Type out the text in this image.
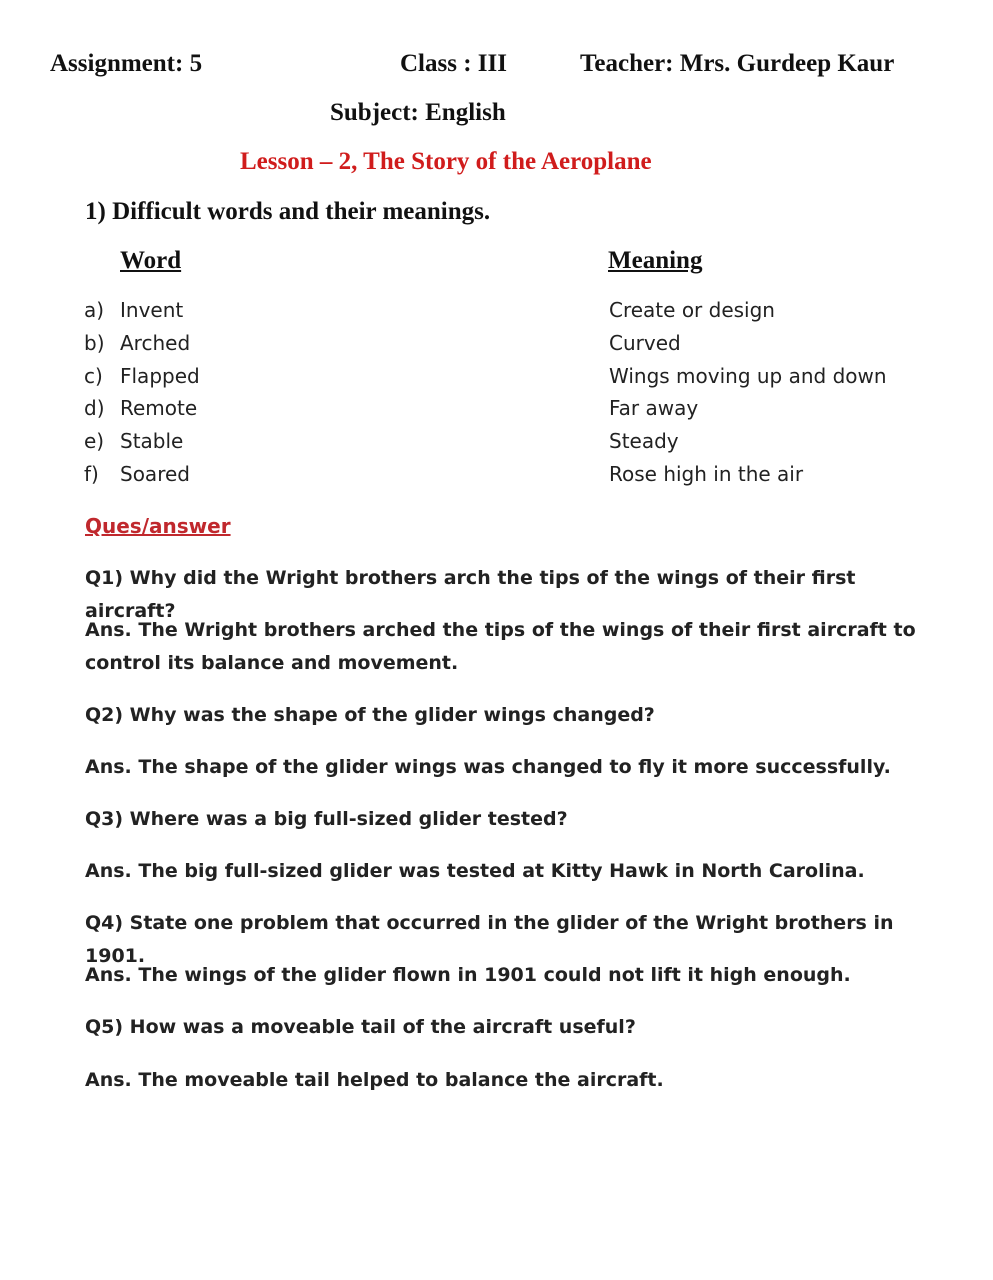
Assignment: 5	Class : III	Teacher: Mrs. Gurdeep Kaur
Subject: English
Lesson – 2, The Story of the Aeroplane
1) Difficult words and their meanings.
Word	Meaning
a) Invent	Create or design
b) Arched	Curved
c) Flapped	Wings moving up and down
d) Remote	Far away
e) Stable	Steady
f) Soared	Rose high in the air
Ques/answer
Q1) Why did the Wright brothers arch the tips of the wings of their first aircraft?
Ans. The Wright brothers arched the tips of the wings of their first aircraft to control its balance and movement.
Q2) Why was the shape of the glider wings changed?
Ans. The shape of the glider wings was changed to fly it more successfully.
Q3) Where was a big full-sized glider tested?
Ans. The big full-sized glider was tested at Kitty Hawk in North Carolina.
Q4) State one problem that occurred in the glider of the Wright brothers in 1901.
Ans. The wings of the glider flown in 1901 could not lift it high enough.
Q5) How was a moveable tail of the aircraft useful?
Ans. The moveable tail helped to balance the aircraft.
